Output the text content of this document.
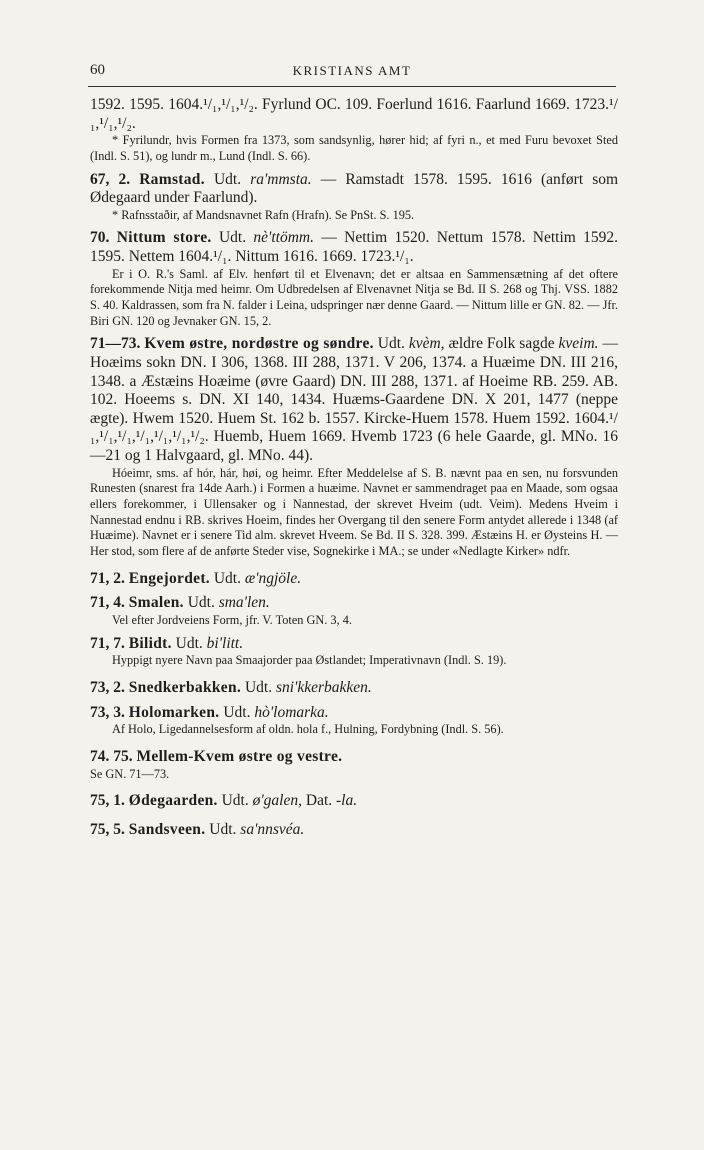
60	KRISTIANS AMT

1592. 1595. 1604.¹/₁,¹/₁,¹/₂. Fyrlund OC. 109. Foerlund 1616. Faarlund 1669. 1723.¹/₁,¹/₁,¹/₂.

* Fyrilundr, hvis Formen fra 1373, som sandsynlig, hører hid; af fyri n., et med Furu bevoxet Sted (Indl. S. 51), og lundr m., Lund (Indl. S. 66).

67, 2. Ramstad. Udt. ra'mmsta. — Ramstadt 1578. 1595. 1616 (anført som Ødegaard under Faarlund).

* Rafnsstaðir, af Mandsnavnet Rafn (Hrafn). Se PnSt. S. 195.

70. Nittum store. Udt. nè'ttömm. — Nettim 1520. Nettum 1578. Nettim 1592. 1595. Nettem 1604.¹/₁. Nittum 1616. 1669. 1723.¹/₁.

Er i O. R.'s Saml. af Elv. henført til et Elvenavn; det er altsaa en Sammensætning af det oftere forekommende Nitja med heimr. Om Udbredelsen af Elvenavnet Nitja se Bd. II S. 268 og Thj. VSS. 1882 S. 40. Kaldrassen, som fra N. falder i Leina, udspringer nær denne Gaard. — Nittum lille er GN. 82. — Jfr. Biri GN. 120 og Jevnaker GN. 15, 2.

71—73. Kvem østre, nordøstre og søndre. Udt. kvèm, ældre Folk sagde kveim. — Hoæims sokn DN. I 306, 1368. III 288, 1371. V 206, 1374. a Huæime DN. III 216, 1348. a Æstæins Hoæime (øvre Gaard) DN. III 288, 1371. af Hoeime RB. 259. AB. 102. Hoeems s. DN. XI 140, 1434. Huæms-Gaardene DN. X 201, 1477 (neppe ægte). Hwem 1520. Huem St. 162 b. 1557. Kircke-Huem 1578. Huem 1592. 1604.¹/₁,¹/₁,¹/₁,¹/₁,¹/₁,¹/₁,¹/₂. Huemb, Huem 1669. Hvemb 1723 (6 hele Gaarde, gl. MNo. 16—21 og 1 Halvgaard, gl. MNo. 44).

Hóeimr, sms. af hór, hár, høi, og heimr. Efter Meddelelse af S. B. nævnt paa en sen, nu forsvunden Runesten (snarest fra 14de Aarh.) i Formen a huæime. Navnet er sammendraget paa en Maade, som ogsaa ellers forekommer, i Ullensaker og i Nannestad, der skrevet Hveim (udt. Veim). Medens Hveim i Nannestad endnu i RB. skrives Hoeim, findes her Overgang til den senere Form antydet allerede i 1348 (af Huæime). Navnet er i senere Tid alm. skrevet Hveem. Se Bd. II S. 328. 399. Æstæins H. er Øysteins H. — Her stod, som flere af de anførte Steder vise, Sognekirke i MA.; se under «Nedlagte Kirker» ndfr.

71, 2. Engejordet. Udt. æ'ngjöle.

71, 4. Smalen. Udt. sma'len.

Vel efter Jordveiens Form, jfr. V. Toten GN. 3, 4.

71, 7. Bilidt. Udt. bi'litt.

Hyppigt nyere Navn paa Smaajorder paa Østlandet; Imperativnavn (Indl. S. 19).

73, 2. Snedkerbakken. Udt. sni'kkerbakken.

73, 3. Holomarken. Udt. hò'lomarka.

Af Holo, Ligedannelsesform af oldn. hola f., Hulning, Fordybning (Indl. S. 56).

74. 75. Mellem-Kvem østre og vestre.

Se GN. 71—73.

75, 1. Ødegaarden. Udt. ø'galen, Dat. -la.

75, 5. Sandsveen. Udt. sa'nnsvéa.
